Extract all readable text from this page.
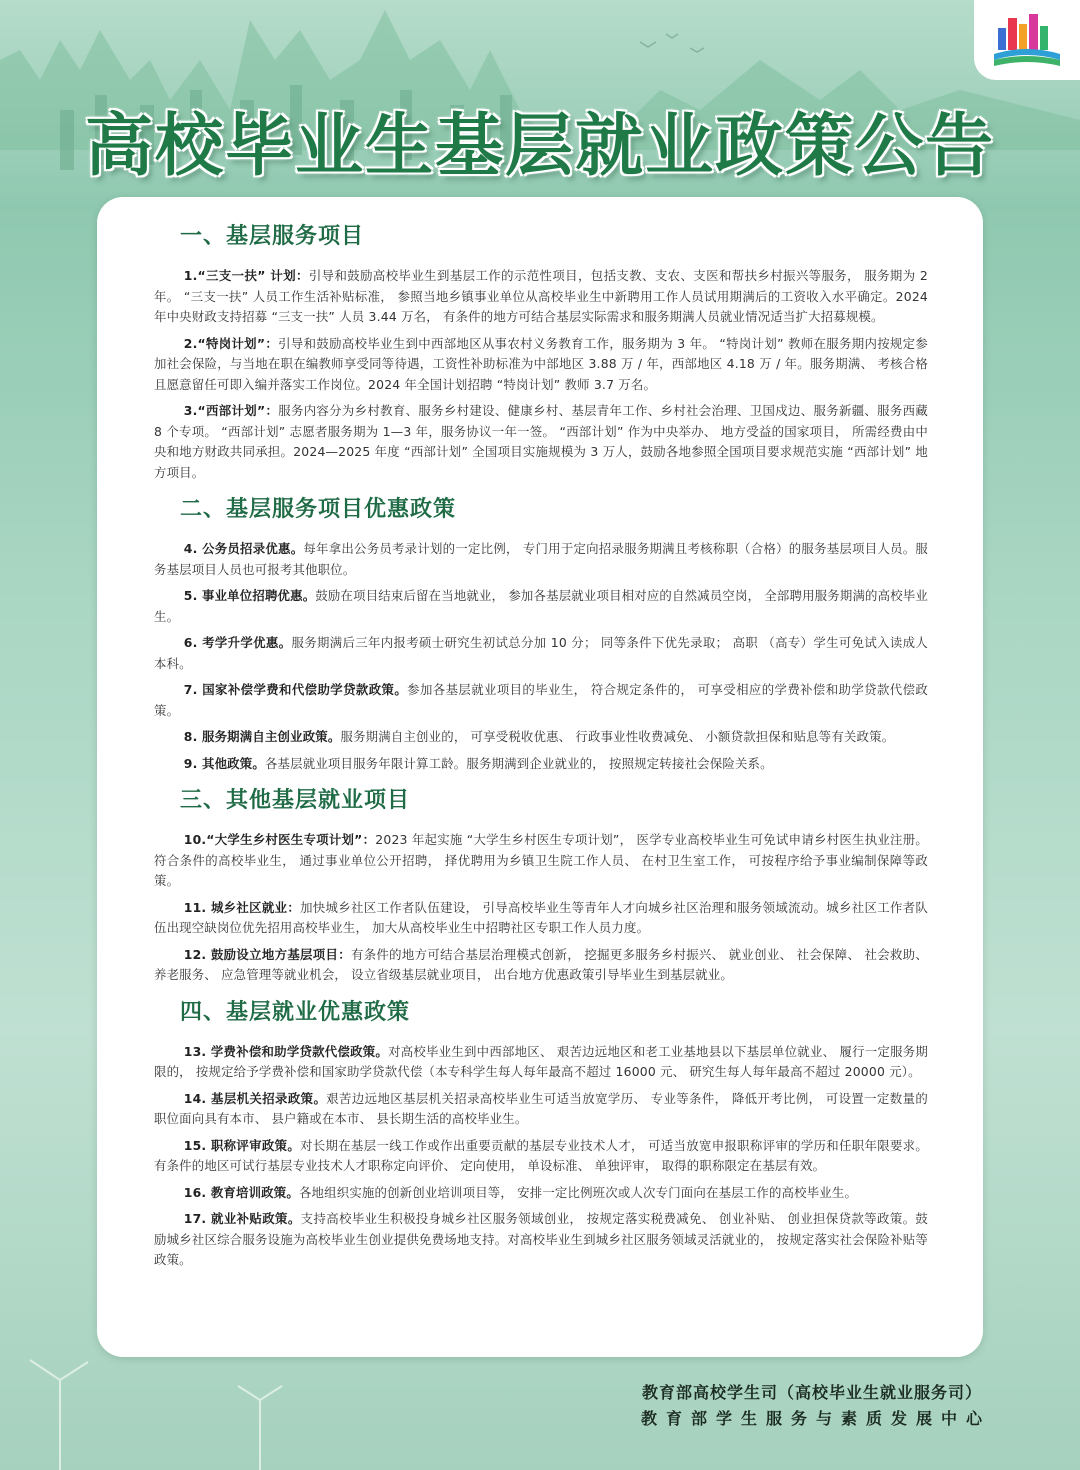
高校毕业生基层就业政策公告
一、基层服务项目
1.“三支一扶” 计划：引导和鼓励高校毕业生到基层工作的示范性项目，包括支教、支农、支医和帮扶乡村振兴等服务， 服务期为 2 年。 “三支一扶” 人员工作生活补贴标准， 参照当地乡镇事业单位从高校毕业生中新聘用工作人员试用期满后的工资收入水平确定。2024 年中央财政支持招募 “三支一扶” 人员 3.44 万名， 有条件的地方可结合基层实际需求和服务期满人员就业情况适当扩大招募规模。
2.“特岗计划”：引导和鼓励高校毕业生到中西部地区从事农村义务教育工作，服务期为 3 年。 “特岗计划” 教师在服务期内按规定参加社会保险，与当地在职在编教师享受同等待遇，工资性补助标准为中部地区 3.88 万 / 年，西部地区 4.18 万 / 年。服务期满、 考核合格且愿意留任可即入编并落实工作岗位。2024 年全国计划招聘 “特岗计划” 教师 3.7 万名。
3.“西部计划”：服务内容分为乡村教育、服务乡村建设、健康乡村、基层青年工作、乡村社会治理、卫国戍边、服务新疆、服务西藏 8 个专项。 “西部计划” 志愿者服务期为 1—3 年，服务协议一年一签。 “西部计划” 作为中央举办、 地方受益的国家项目， 所需经费由中央和地方财政共同承担。2024—2025 年度 “西部计划” 全国项目实施规模为 3 万人，鼓励各地参照全国项目要求规范实施 “西部计划” 地方项目。
二、基层服务项目优惠政策
4. 公务员招录优惠。每年拿出公务员考录计划的一定比例， 专门用于定向招录服务期满且考核称职（合格）的服务基层项目人员。服务基层项目人员也可报考其他职位。
5. 事业单位招聘优惠。鼓励在项目结束后留在当地就业， 参加各基层就业项目相对应的自然减员空岗， 全部聘用服务期满的高校毕业生。
6. 考学升学优惠。服务期满后三年内报考硕士研究生初试总分加 10 分； 同等条件下优先录取； 高职 （高专）学生可免试入读成人本科。
7. 国家补偿学费和代偿助学贷款政策。参加各基层就业项目的毕业生， 符合规定条件的， 可享受相应的学费补偿和助学贷款代偿政策。
8. 服务期满自主创业政策。服务期满自主创业的， 可享受税收优惠、 行政事业性收费减免、 小额贷款担保和贴息等有关政策。
9. 其他政策。各基层就业项目服务年限计算工龄。服务期满到企业就业的， 按照规定转接社会保险关系。
三、其他基层就业项目
10.“大学生乡村医生专项计划”：2023 年起实施 “大学生乡村医生专项计划”， 医学专业高校毕业生可免试申请乡村医生执业注册。符合条件的高校毕业生， 通过事业单位公开招聘， 择优聘用为乡镇卫生院工作人员、 在村卫生室工作， 可按程序给予事业编制保障等政策。
11. 城乡社区就业：加快城乡社区工作者队伍建设， 引导高校毕业生等青年人才向城乡社区治理和服务领域流动。城乡社区工作者队伍出现空缺岗位优先招用高校毕业生， 加大从高校毕业生中招聘社区专职工作人员力度。
12. 鼓励设立地方基层项目：有条件的地方可结合基层治理模式创新， 挖掘更多服务乡村振兴、 就业创业、 社会保障、 社会救助、 养老服务、 应急管理等就业机会， 设立省级基层就业项目， 出台地方优惠政策引导毕业生到基层就业。
四、基层就业优惠政策
13. 学费补偿和助学贷款代偿政策。对高校毕业生到中西部地区、 艰苦边远地区和老工业基地县以下基层单位就业、 履行一定服务期限的， 按规定给予学费补偿和国家助学贷款代偿（本专科学生每人每年最高不超过 16000 元、 研究生每人每年最高不超过 20000 元）。
14. 基层机关招录政策。艰苦边远地区基层机关招录高校毕业生可适当放宽学历、 专业等条件， 降低开考比例， 可设置一定数量的职位面向具有本市、 县户籍或在本市、 县长期生活的高校毕业生。
15. 职称评审政策。对长期在基层一线工作或作出重要贡献的基层专业技术人才， 可适当放宽申报职称评审的学历和任职年限要求。有条件的地区可试行基层专业技术人才职称定向评价、 定向使用， 单设标准、 单独评审， 取得的职称限定在基层有效。
16. 教育培训政策。各地组织实施的创新创业培训项目等， 安排一定比例班次或人次专门面向在基层工作的高校毕业生。
17. 就业补贴政策。支持高校毕业生积极投身城乡社区服务领域创业， 按规定落实税费减免、 创业补贴、 创业担保贷款等政策。鼓励城乡社区综合服务设施为高校毕业生创业提供免费场地支持。对高校毕业生到城乡社区服务领域灵活就业的， 按规定落实社会保险补贴等政策。
教育部高校学生司（高校毕业生就业服务司）
教育部学生服务与素质发展中心
